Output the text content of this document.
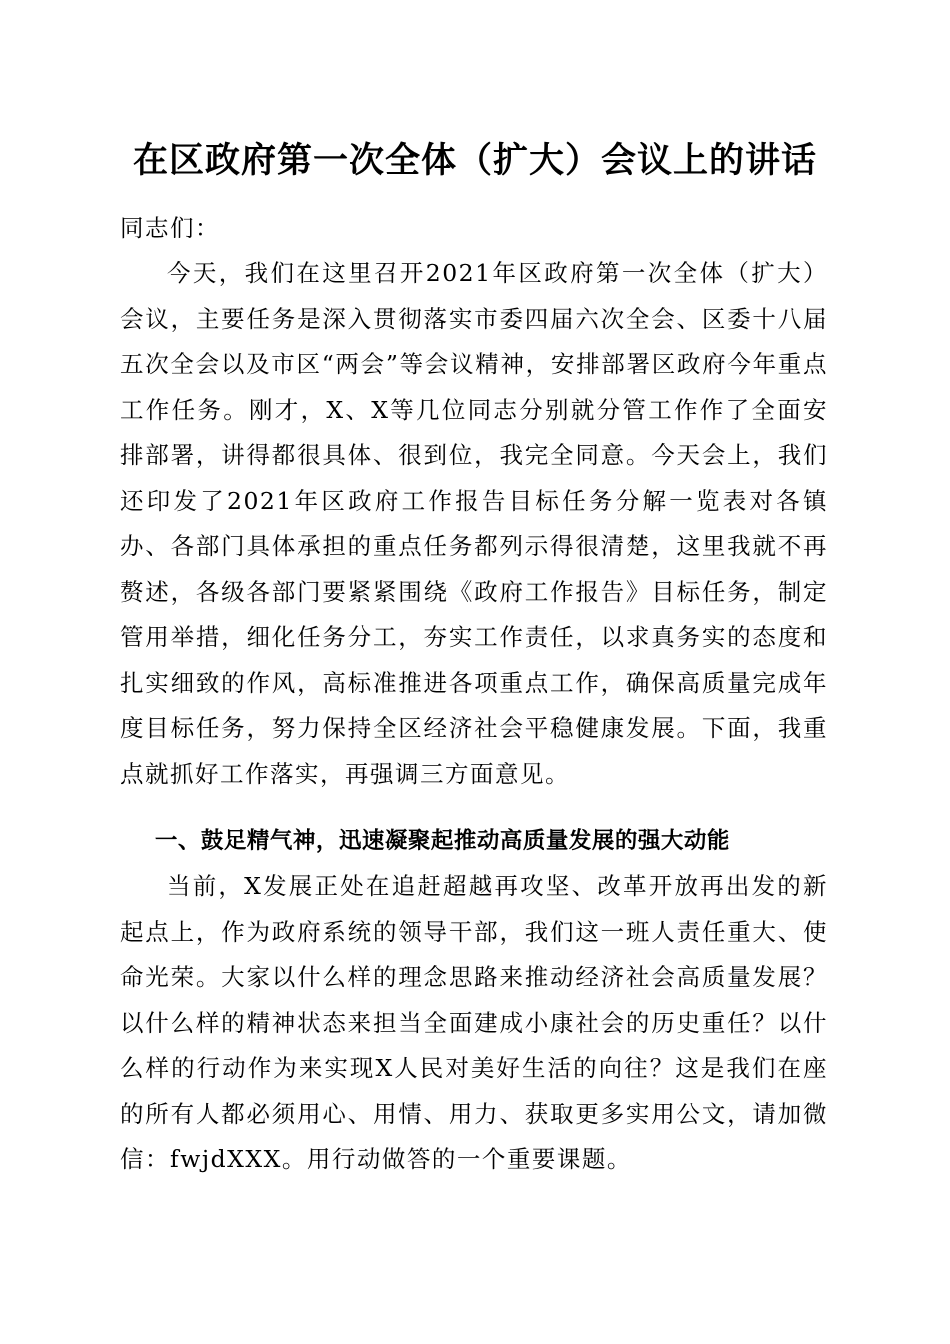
在区政府第一次全体（扩大）会议上的讲话

同志们：

今天，我们在这里召开2021年区政府第一次全体（扩大）会议，主要任务是深入贯彻落实市委四届六次全会、区委十八届五次全会以及市区“两会”等会议精神，安排部署区政府今年重点工作任务。刚才，X、X等几位同志分别就分管工作作了全面安排部署，讲得都很具体、很到位，我完全同意。今天会上，我们还印发了2021年区政府工作报告目标任务分解一览表对各镇办、各部门具体承担的重点任务都列示得很清楚，这里我就不再赘述，各级各部门要紧紧围绕《政府工作报告》目标任务，制定管用举措，细化任务分工，夯实工作责任，以求真务实的态度和扎实细致的作风，高标准推进各项重点工作，确保高质量完成年度目标任务，努力保持全区经济社会平稳健康发展。下面，我重点就抓好工作落实，再强调三方面意见。

一、鼓足精气神，迅速凝聚起推动高质量发展的强大动能

当前，X发展正处在追赶超越再攻坚、改革开放再出发的新起点上，作为政府系统的领导干部，我们这一班人责任重大、使命光荣。大家以什么样的理念思路来推动经济社会高质量发展？以什么样的精神状态来担当全面建成小康社会的历史重任？以什么样的行动作为来实现X人民对美好生活的向往？这是我们在座的所有人都必须用心、用情、用力、获取更多实用公文，请加微信：fwjdXXX。用行动做答的一个重要课题。
